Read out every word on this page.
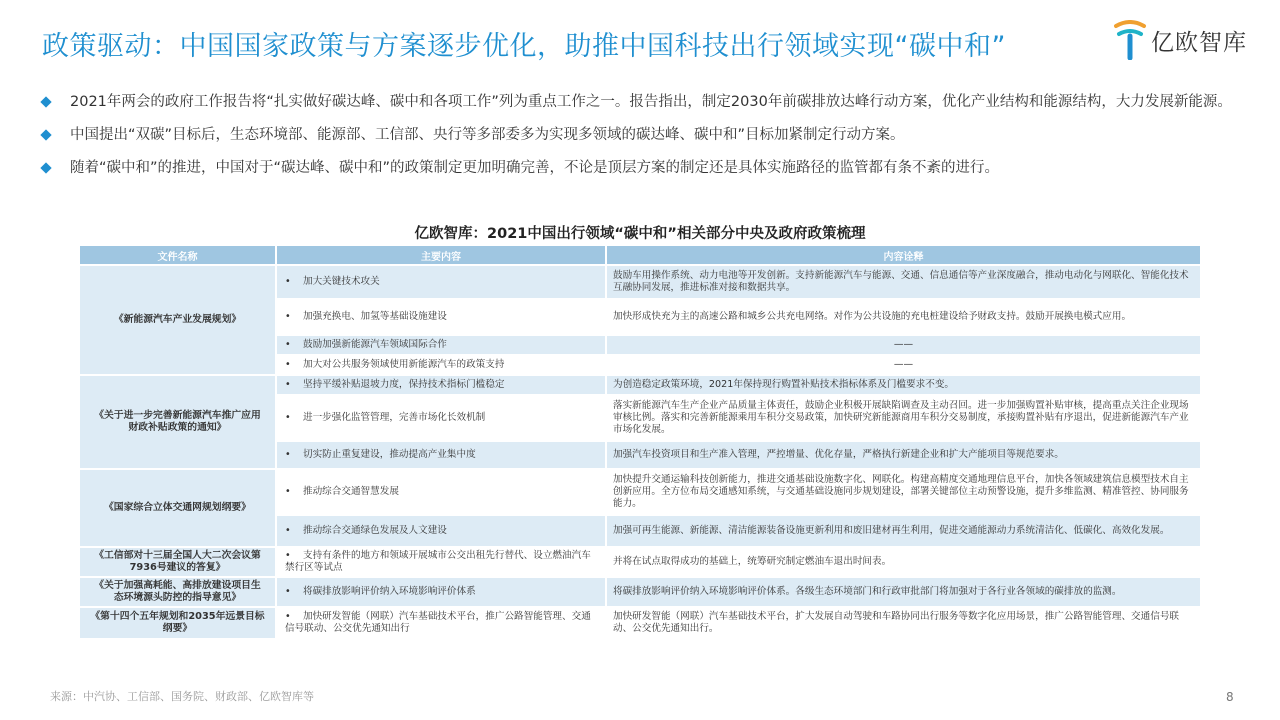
政策驱动：中国国家政策与方案逐步优化，助推中国科技出行领域实现“碳中和”	亿欧智库
2021年两会的政府工作报告将“扎实做好碳达峰、碳中和各项工作”列为重点工作之一。报告指出，制定2030年前碳排放达峰行动方案，优化产业结构和能源结构，大力发展新能源。
中国提出“双碳”目标后，生态环境部、能源部、工信部、央行等多部委多为实现多领域的碳达峰、碳中和”目标加紧制定行动方案。
随着“碳中和”的推进，中国对于“碳达峰、碳中和”的政策制定更加明确完善，不论是顶层方案的制定还是具体实施路径的监管都有条不紊的进行。
亿欧智库：2021中国出行领域“碳中和”相关部分中央及政府政策梳理
文件名称	主要内容	内容诠释
《新能源汽车产业发展规划》	• 加大关键技术攻关	鼓励车用操作系统、动力电池等开发创新。支持新能源汽车与能源、交通、信息通信等产业深度融合，推动电动化与网联化、智能化技术互融协同发展，推进标准对接和数据共享。
	• 加强充换电、加氢等基础设施建设	加快形成快充为主的高速公路和城乡公共充电网络。对作为公共设施的充电桩建设给予财政支持。鼓励开展换电模式应用。
	• 鼓励加强新能源汽车领域国际合作	——
	• 加大对公共服务领域使用新能源汽车的政策支持	——
《关于进一步完善新能源汽车推广应用财政补贴政策的通知》	• 坚持平缓补贴退坡力度，保持技术指标门槛稳定	为创造稳定政策环境，2021年保持现行购置补贴技术指标体系及门槛要求不变。
	• 进一步强化监管管理，完善市场化长效机制	落实新能源汽车生产企业产品质量主体责任，鼓励企业积极开展缺陷调查及主动召回。进一步加强购置补贴审核，提高重点关注企业现场审核比例。落实和完善新能源乘用车积分交易政策，加快研究新能源商用车积分交易制度，承接购置补贴有序退出，促进新能源汽车产业市场化发展。
	• 切实防止重复建设，推动提高产业集中度	加强汽车投资项目和生产准入管理，严控增量、优化存量，严格执行新建企业和扩大产能项目等规范要求。
《国家综合立体交通网规划纲要》	• 推动综合交通智慧发展	加快提升交通运输科技创新能力，推进交通基础设施数字化、网联化。构建高精度交通地理信息平台，加快各领域建筑信息模型技术自主创新应用。全方位布局交通感知系统，与交通基础设施同步规划建设，部署关键部位主动预警设施，提升多维监测、精准管控、协同服务能力。
	• 推动综合交通绿色发展及人文建设	加强可再生能源、新能源、清洁能源装备设施更新利用和废旧建材再生利用，促进交通能源动力系统清洁化、低碳化、高效化发展。
《工信部对十三届全国人大二次会议第7936号建议的答复》	• 支持有条件的地方和领域开展城市公交出租先行替代、设立燃油汽车禁行区等试点	并将在试点取得成功的基础上，统筹研究制定燃油车退出时间表。
《关于加强高耗能、高排放建设项目生态环境源头防控的指导意见》	• 将碳排放影响评价纳入环境影响评价体系	将碳排放影响评价纳入环境影响评价体系。各级生态环境部门和行政审批部门将加强对于各行业各领域的碳排放的监测。
《第十四个五年规划和2035年远景目标纲要》	• 加快研发智能（网联）汽车基础技术平台，推广公路智能管理、交通信号联动、公交优先通知出行	加快研发智能（网联）汽车基础技术平台，扩大发展自动驾驶和车路协同出行服务等数字化应用场景，推广公路智能管理、交通信号联动、公交优先通知出行。
来源：中汽协、工信部、国务院、财政部、亿欧智库等	8
